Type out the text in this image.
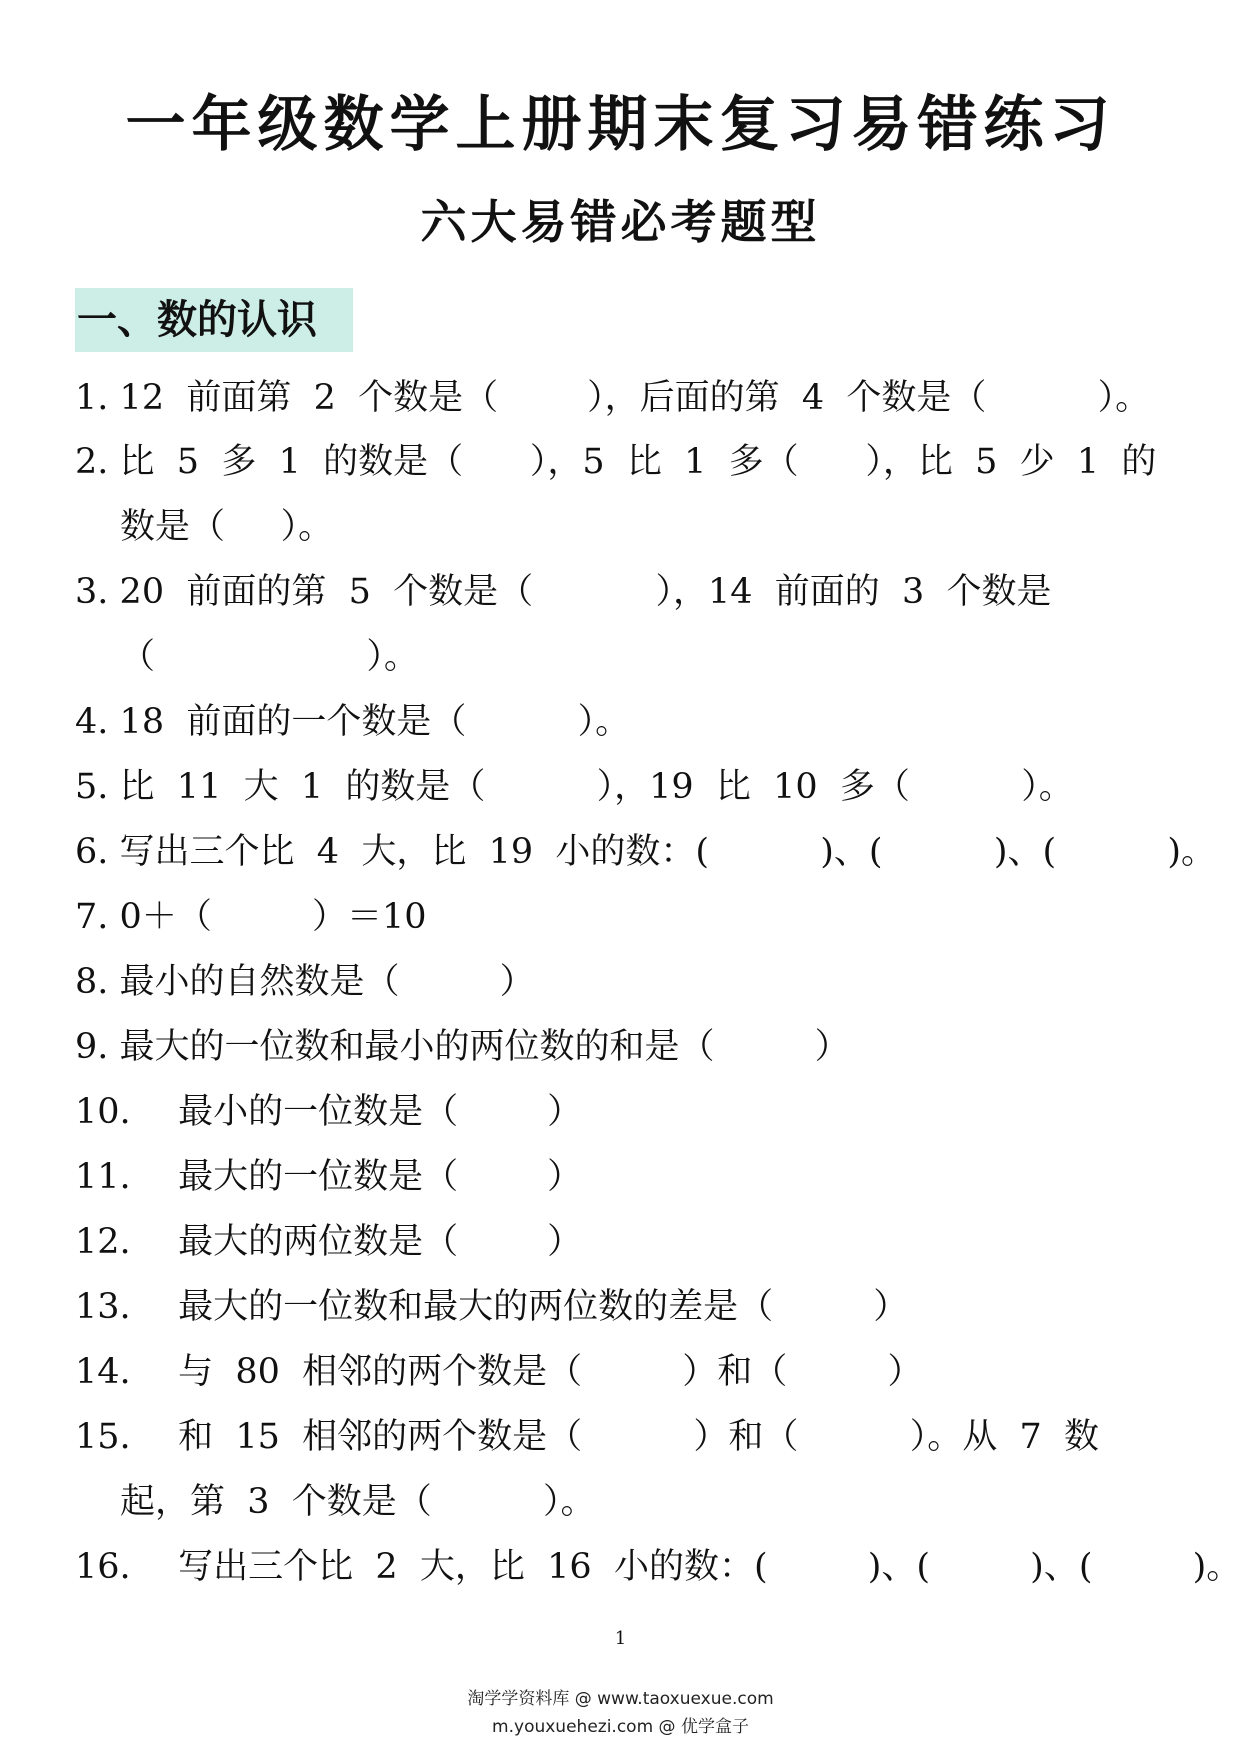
一年级数学上册期末复习易错练习
六大易错必考题型
一、数的认识
1. 12  前面第  2  个数是（        ），后面的第  4  个数是（          ）。
2. 比  5  多  1  的数是（      ），5  比  1  多（      ），比  5  少  1  的
数是（     ）。
3. 20  前面的第  5  个数是（           ），14  前面的  3  个数是
（                   ）。
4. 18  前面的一个数是（          ）。
5. 比  11  大  1  的数是（          ），19  比  10  多（          ）。
6. 写出三个比  4  大，比  19  小的数：(          )、(          )、(          )。
7. 0＋（         ）＝10
8. 最小的自然数是（         ）
9. 最大的一位数和最小的两位数的和是（         ）
10. 最小的一位数是（        ）
11. 最大的一位数是（        ）
12. 最大的两位数是（        ）
13. 最大的一位数和最大的两位数的差是（         ）
14. 与  80  相邻的两个数是（         ）和（         ）
15. 和  15  相邻的两个数是（          ）和（          ）。从  7  数
起，第  3  个数是（          ）。
16. 写出三个比  2  大，比  16  小的数：(         )、(         )、(         )。
1
淘学学资料库 @ www.taoxuexue.com
m.youxuehezi.com @ 优学盒子
